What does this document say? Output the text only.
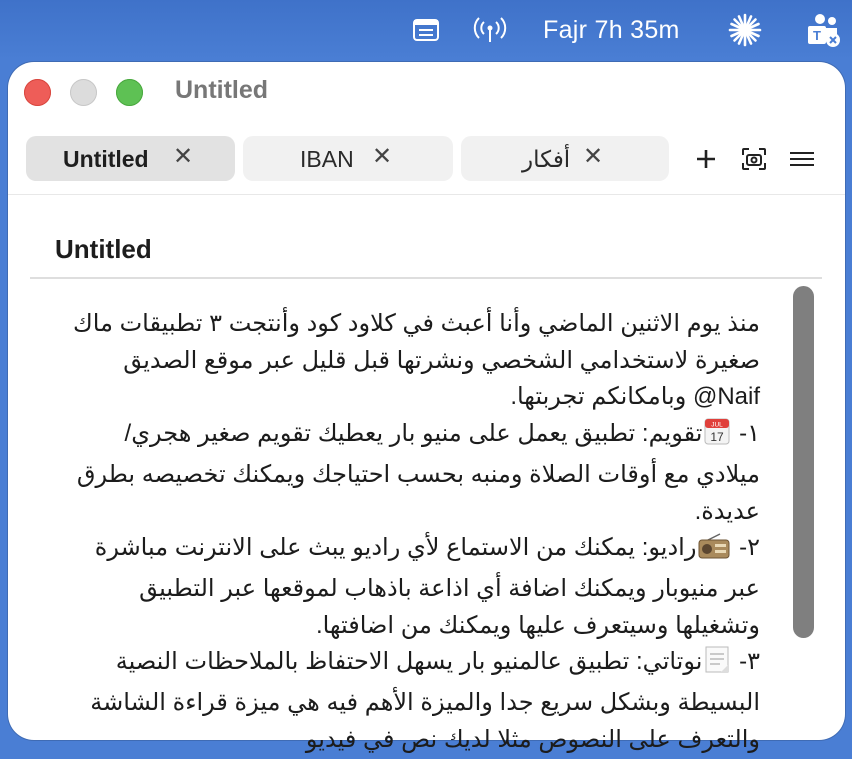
Fajr 7h 35m	T
Untitled
Untitled ✕	IBAN ✕	أفكار ✕
Untitled

منذ يوم الاثنين الماضي وأنا أعبث في كلاود كود وأنتجت ٣ تطبيقات ماك صغيرة لاستخدامي الشخصي ونشرتها قبل قليل عبر موقع الصديق ‎@Naif‎ وبامكانكم تجربتها.

١-
JUL
17
تقويم: تطبيق يعمل على منيو بار يعطيك تقويم صغير هجري/ميلادي مع أوقات الصلاة ومنبه بحسب احتياجك ويمكنك تخصيصه بطرق عديدة.

٢- راديو: يمكنك من الاستماع لأي راديو يبث على الانترنت مباشرة عبر منيوبار ويمكنك اضافة أي اذاعة باذهاب لموقعها عبر التطبيق وتشغيلها وسيتعرف عليها ويمكنك من اضافتها.

٣- نوتاتي: تطبيق عالمنيو بار يسهل الاحتفاظ بالملاحظات النصية البسيطة وبشكل سريع جدا والميزة الأهم فيه هي ميزة قراءة الشاشة والتعرف على النصوص مثلا لديك نص في فيديو
